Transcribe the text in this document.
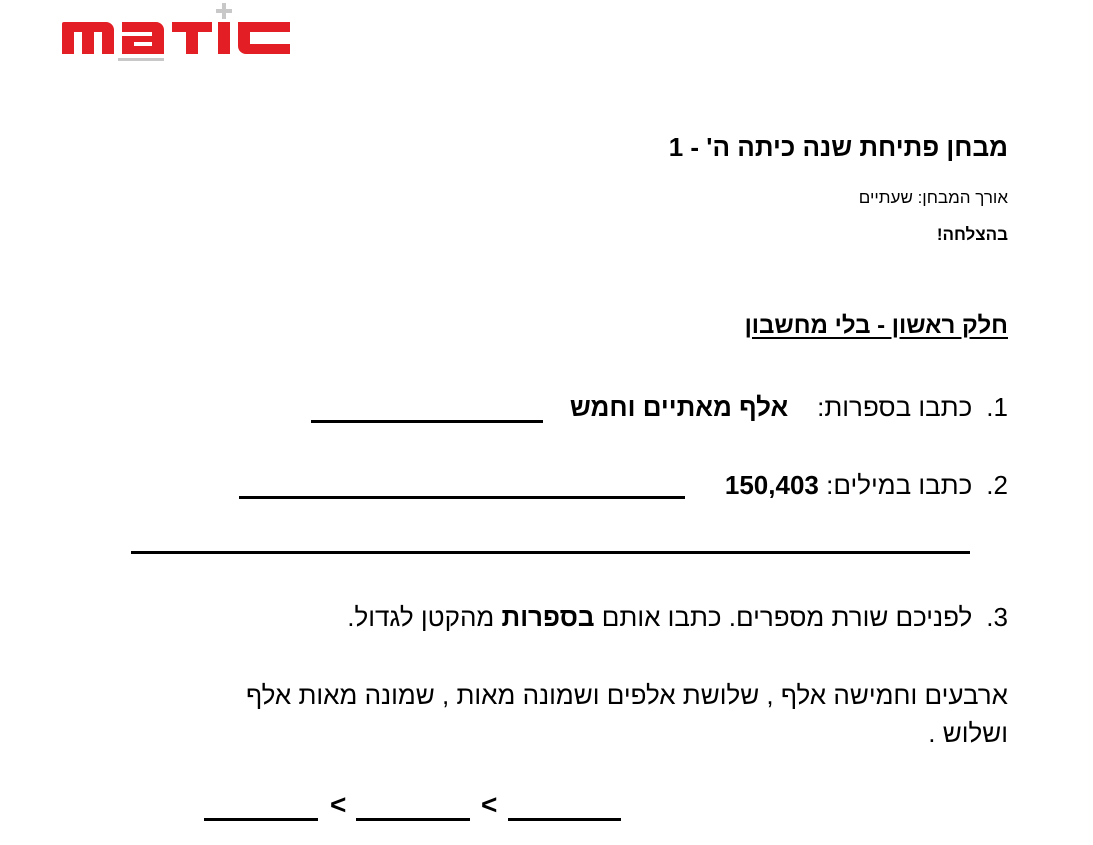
מבחן פתיחת שנה כיתה ה' - 1
אורך המבחן: שעתיים
בהצלחה!
חלק ראשון - בלי מחשבון
1.כתבו בספרות:    אלף מאתיים וחמש
2.כתבו במילים: 150,403
3.לפניכם שורת מספרים. כתבו אותם בספרות מהקטן לגדול.
ארבעים וחמישה אלף , שלושת אלפים ושמונה מאות , שמונה מאות אלף ושלוש .
<
<
